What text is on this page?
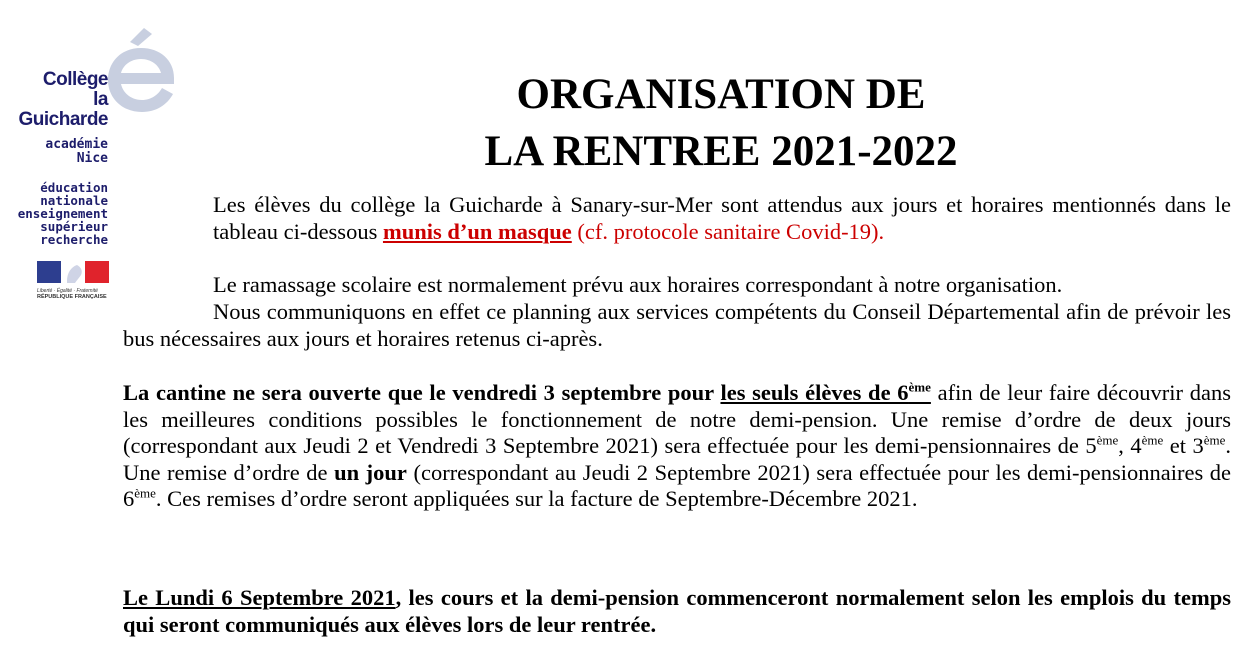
Collège
la Guicharde
académie
Nice
éducation
nationale
enseignement
supérieur
recherche
Liberté · Égalité · Fraternité
RÉPUBLIQUE FRANÇAISE
ORGANISATION DE
LA RENTREE 2021-2022

Les élèves du collège la Guicharde à Sanary-sur-Mer sont attendus aux jours et horaires mentionnés dans le tableau ci-dessous munis d’un masque (cf. protocole sanitaire Covid-19).

Le ramassage scolaire est normalement prévu aux horaires correspondant à notre organisation.

Nous communiquons en effet ce planning aux services compétents du Conseil Départemental afin de prévoir les bus nécessaires aux jours et horaires retenus ci-après.

La cantine ne sera ouverte que le vendredi 3 septembre pour les seuls élèves de 6ème afin de leur faire découvrir dans les meilleures conditions possibles le fonctionnement de notre demi-pension. Une remise d’ordre de deux jours (correspondant aux Jeudi 2 et Vendredi 3 Septembre 2021) sera effectuée pour les demi-pensionnaires de 5ème, 4ème et 3ème. Une remise d’ordre de un jour (correspondant au Jeudi 2 Septembre 2021) sera effectuée pour les demi-pensionnaires de 6ème. Ces remises d’ordre seront appliquées sur la facture de Septembre-Décembre 2021.

Le Lundi 6 Septembre 2021, les cours et la demi-pension commenceront normalement selon les emplois du temps qui seront communiqués aux élèves lors de leur rentrée.
